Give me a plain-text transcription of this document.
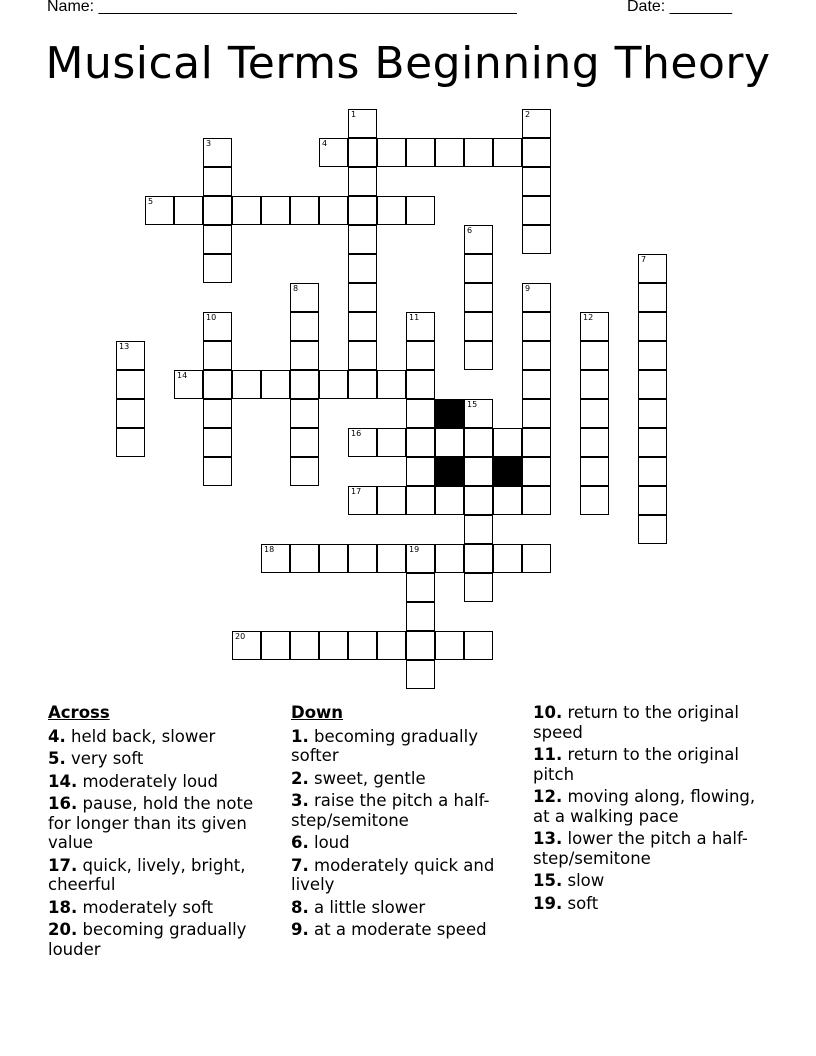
Name: _______________________________________________	Date: _______
Musical Terms Beginning Theory
1	2
3	4
5
6
7
8	9
10	11	12
13
14
15
16
17
18	19
20
Across
4. held back, slower
5. very soft
14. moderately loud
16. pause, hold the note for longer than its given value
17. quick, lively, bright, cheerful
18. moderately soft
20. becoming gradually louder
Down
1. becoming gradually softer
2. sweet, gentle
3. raise the pitch a half-step/semitone
6. loud
7. moderately quick and lively
8. a little slower
9. at a moderate speed
10. return to the original speed
11. return to the original pitch
12. moving along, flowing, at a walking pace
13. lower the pitch a half-step/semitone
15. slow
19. soft
